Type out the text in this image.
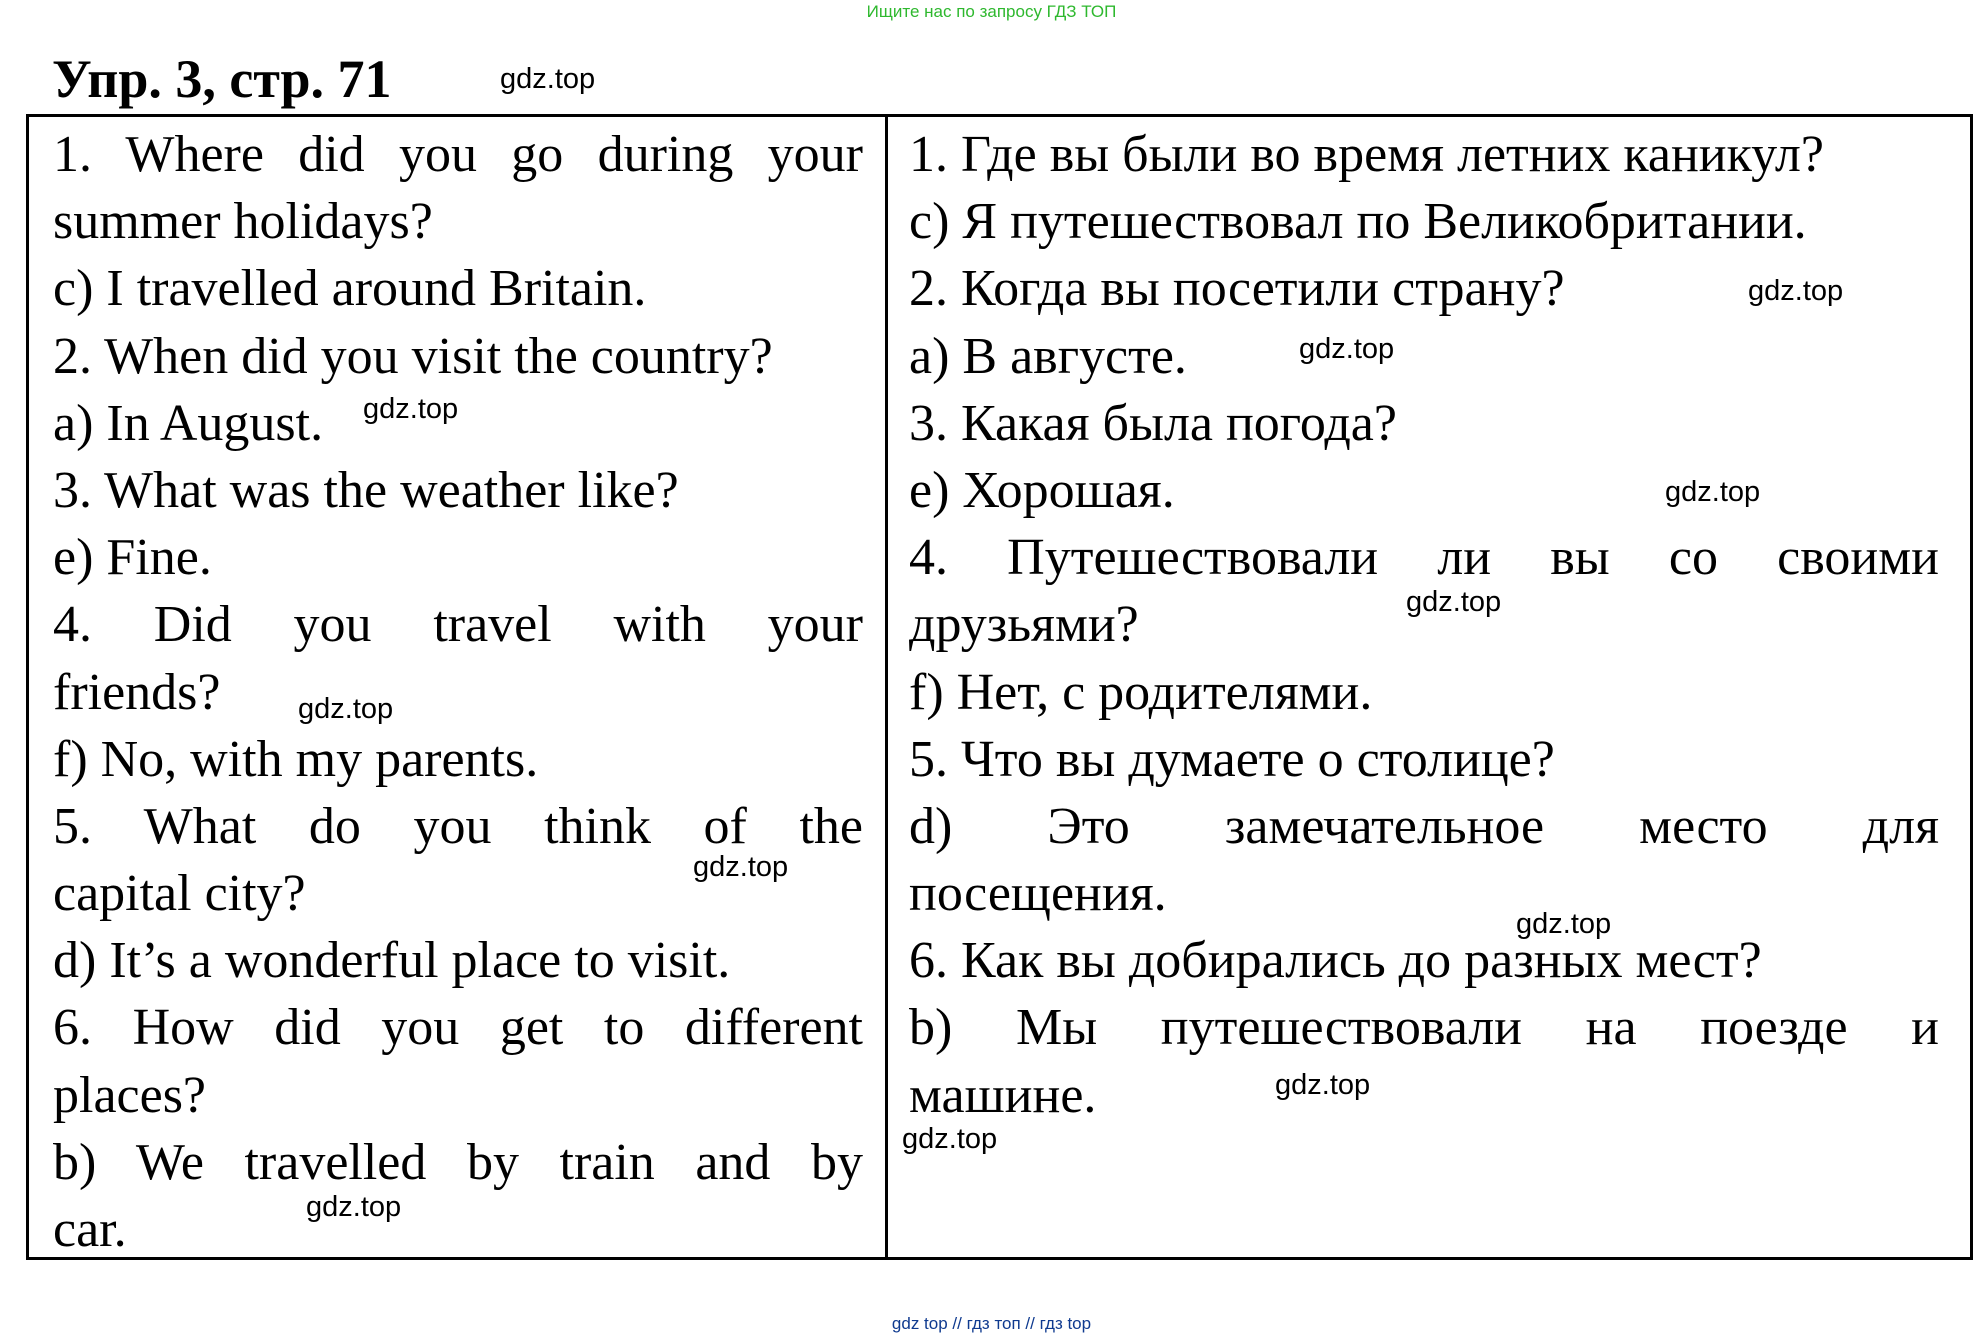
Ищите нас по запросу ГДЗ ТОП
Упр. 3, стр. 71
1. Where did you go during your
summer holidays?
c) I travelled around Britain.
2. When did you visit the country?
a) In August.
3. What was the weather like?
e) Fine.
4. Did you travel with your
friends?
f) No, with my parents.
5. What do you think of the
capital city?
d) It’s a wonderful place to visit.
6. How did you get to different
places?
b) We travelled by train and by
car.
1. Где вы были во время летних каникул?
c) Я путешествовал по Великобритании.
2. Когда вы посетили страну?
a) В августе.
3. Какая была погода?
e) Хорошая.
4. Путешествовали ли вы со своими
друзьями?
f) Нет, с родителями.
5. Что вы думаете о столице?
d) Это замечательное место для
посещения.
6. Как вы добирались до разных мест?
b) Мы путешествовали на поезде и
машине.
gdz.top
gdz.top
gdz.top
gdz.top
gdz.top
gdz.top
gdz.top
gdz.top
gdz.top
gdz.top
gdz.top
gdz.top
gdz top // гдз топ // гдз top
